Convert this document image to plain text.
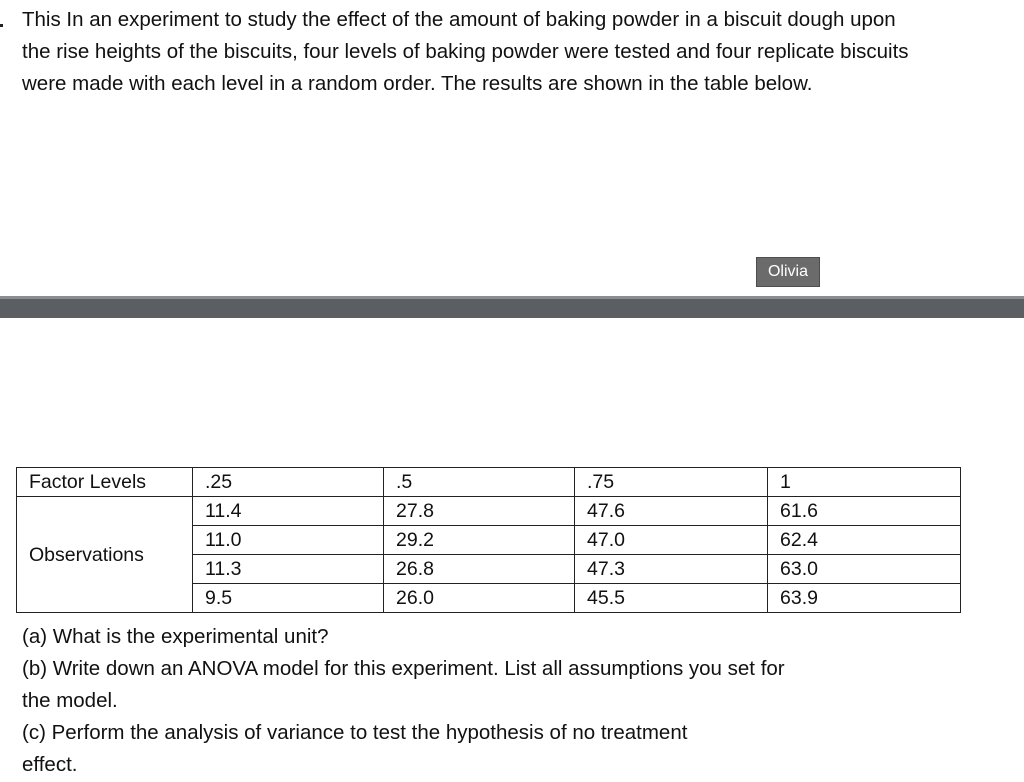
This In an experiment to study the effect of the amount of baking powder in a biscuit dough upon the rise heights of the biscuits, four levels of baking powder were tested and four replicate biscuits were made with each level in a random order. The results are shown in the table below.

Olivia
Factor Levels	.25	.5	.75	1

Observations	11.4	27.8	47.6	61.6
	11.0	29.2	47.0	62.4
	11.3	26.8	47.3	63.0
	9.5	26.0	45.5	63.9

(a) What is the experimental unit?

(b) Write down an ANOVA model for this experiment. List all assumptions you set for

the model.

(c) Perform the analysis of variance to test the hypothesis of no treatment

effect.
